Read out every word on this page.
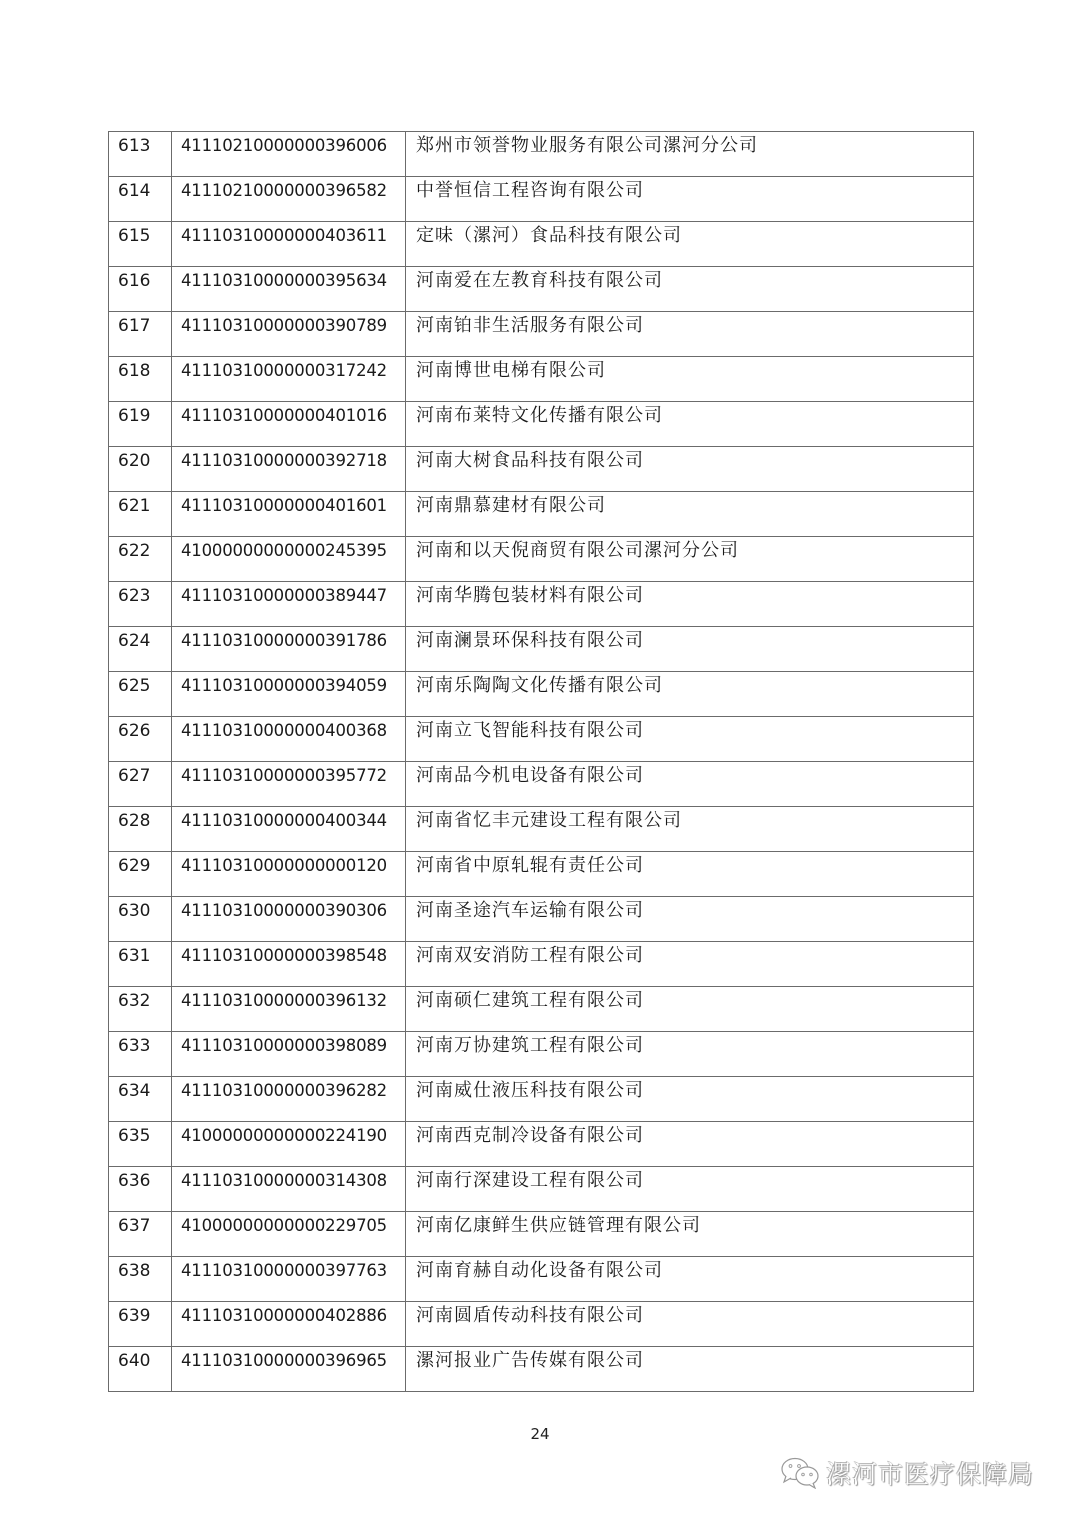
613	41110210000000396006	郑州市领誉物业服务有限公司漯河分公司

614	41110210000000396582	中誉恒信工程咨询有限公司

615	41110310000000403611	定味（漯河）食品科技有限公司

616	41110310000000395634	河南爱在左教育科技有限公司

617	41110310000000390789	河南铂非生活服务有限公司

618	41110310000000317242	河南博世电梯有限公司

619	41110310000000401016	河南布莱特文化传播有限公司

620	41110310000000392718	河南大树食品科技有限公司

621	41110310000000401601	河南鼎慕建材有限公司

622	41000000000000245395	河南和以天倪商贸有限公司漯河分公司

623	41110310000000389447	河南华腾包装材料有限公司

624	41110310000000391786	河南澜景环保科技有限公司

625	41110310000000394059	河南乐陶陶文化传播有限公司

626	41110310000000400368	河南立飞智能科技有限公司

627	41110310000000395772	河南品今机电设备有限公司

628	41110310000000400344	河南省忆丰元建设工程有限公司

629	41110310000000000120	河南省中原轧辊有责任公司

630	41110310000000390306	河南圣途汽车运输有限公司

631	41110310000000398548	河南双安消防工程有限公司

632	41110310000000396132	河南硕仁建筑工程有限公司

633	41110310000000398089	河南万协建筑工程有限公司

634	41110310000000396282	河南威仕液压科技有限公司

635	41000000000000224190	河南西克制冷设备有限公司

636	41110310000000314308	河南行深建设工程有限公司

637	41000000000000229705	河南亿康鲜生供应链管理有限公司

638	41110310000000397763	河南育赫自动化设备有限公司

639	41110310000000402886	河南圆盾传动科技有限公司

640	41110310000000396965	漯河报业广告传媒有限公司
24
漯河市医疗保障局
